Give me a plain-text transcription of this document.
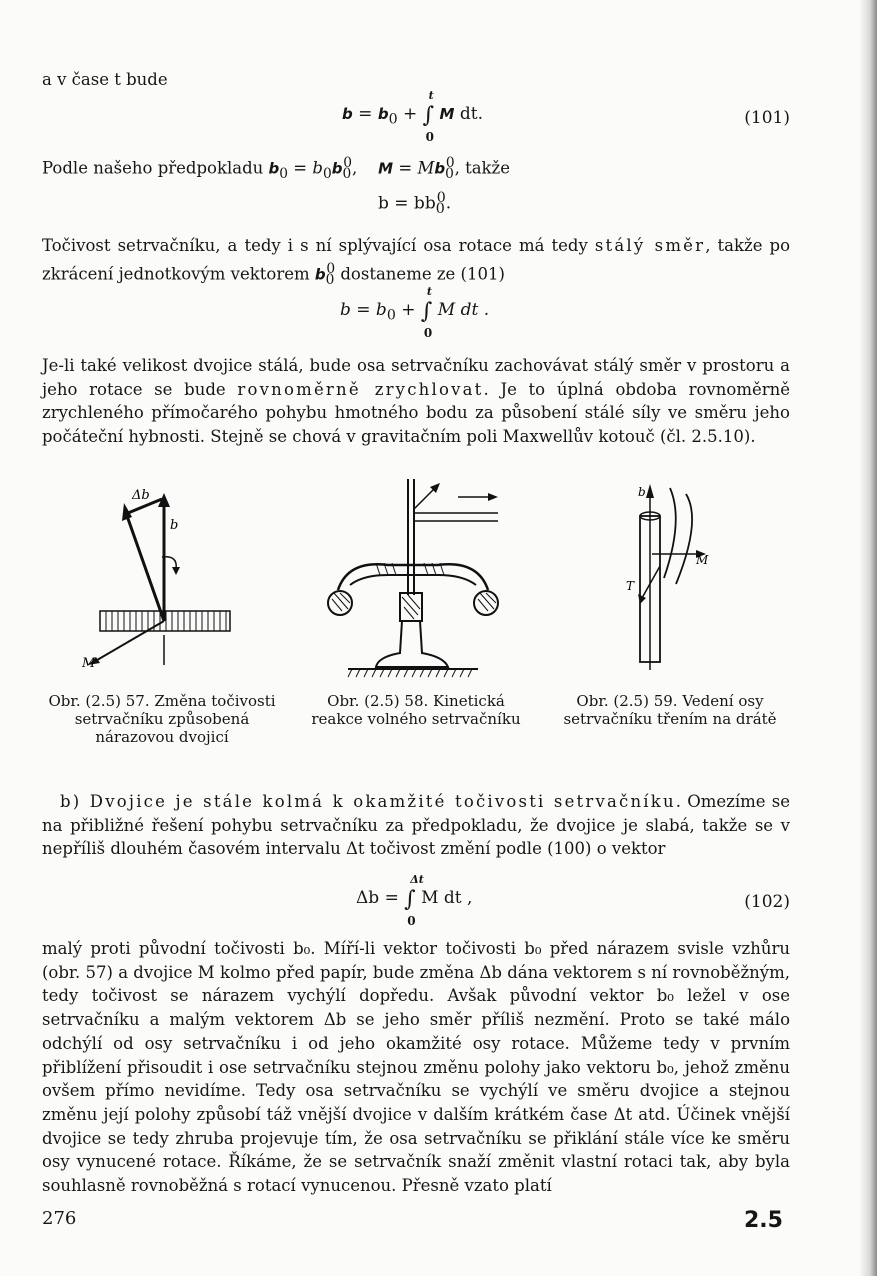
a v čase t bude
$b = b_0$ + ∫
t
0
M dt.	(101)
Podle našeho předpokladu $b_0 = b_0b_0^0$,    $M = Mb_0^0$, takže
$b = bb_0^0$.
Točivost setrvačníku, a tedy i s ní splývající osa rotace má tedy stálý směr, takže po zkrácení jednotkovým vektorem $b_0^0$ dostaneme ze (101)
$b = b_0$ + ∫
t
0
M dt .
Je-li také velikost dvojice stálá, bude osa setrvačníku zachovávat stálý směr v prostoru a jeho rotace se bude rovnoměrně zrychlovat. Je to úplná obdoba rovnoměrně zrychleného přímočarého pohybu hmotného bodu za působení stálé síly ve směru jeho počáteční hybnosti. Stejně se chová v gravitačním poli Maxwellův kotouč (čl. 2.5.10).
Δb
b
M
b
T
M
Obr. (2.5) 57. Změna točivosti setrvačníku způsobená nárazovou dvojicí
Obr. (2.5) 58. Kinetická reakce volného setrvačníku
Obr. (2.5) 59. Vedení osy setrvačníku třením na drátě
b) Dvojice je stále kolmá k okamžité točivosti setrvačníku. Omezíme se na přibližné řešení pohybu setrvačníku za předpokladu, že dvojice je slabá, takže se v nepříliš dlouhém časovém intervalu Δt točivost změní podle (100) o vektor
Δb = ∫
Δt
0
M dt ,	(102)
malý proti původní točivosti b₀. Míří-li vektor točivosti b₀ před nárazem svisle vzhůru (obr. 57) a dvojice M kolmo před papír, bude změna Δb dána vektorem s ní rovnoběžným, tedy točivost se nárazem vychýlí dopředu. Avšak původní vektor b₀ ležel v ose setrvačníku a malým vektorem Δb se jeho směr příliš nezmění. Proto se také málo odchýlí od osy setrvačníku i od jeho okamžité osy rotace. Můžeme tedy v prvním přiblížení přisoudit i ose setrvačníku stejnou změnu polohy jako vektoru b₀, jehož změnu ovšem přímo nevidíme. Tedy osa setrvačníku se vychýlí ve směru dvojice a stejnou změnu její polohy způsobí táž vnější dvojice v dalším krátkém čase Δt atd. Účinek vnější dvojice se tedy zhruba projevuje tím, že osa setrvačníku se přiklání stále více ke směru osy vynucené rotace. Říkáme, že se setrvačník snaží změnit vlastní rotaci tak, aby byla souhlasně rovnoběžná s rotací vynucenou. Přesně vzato platí
276	2.5
